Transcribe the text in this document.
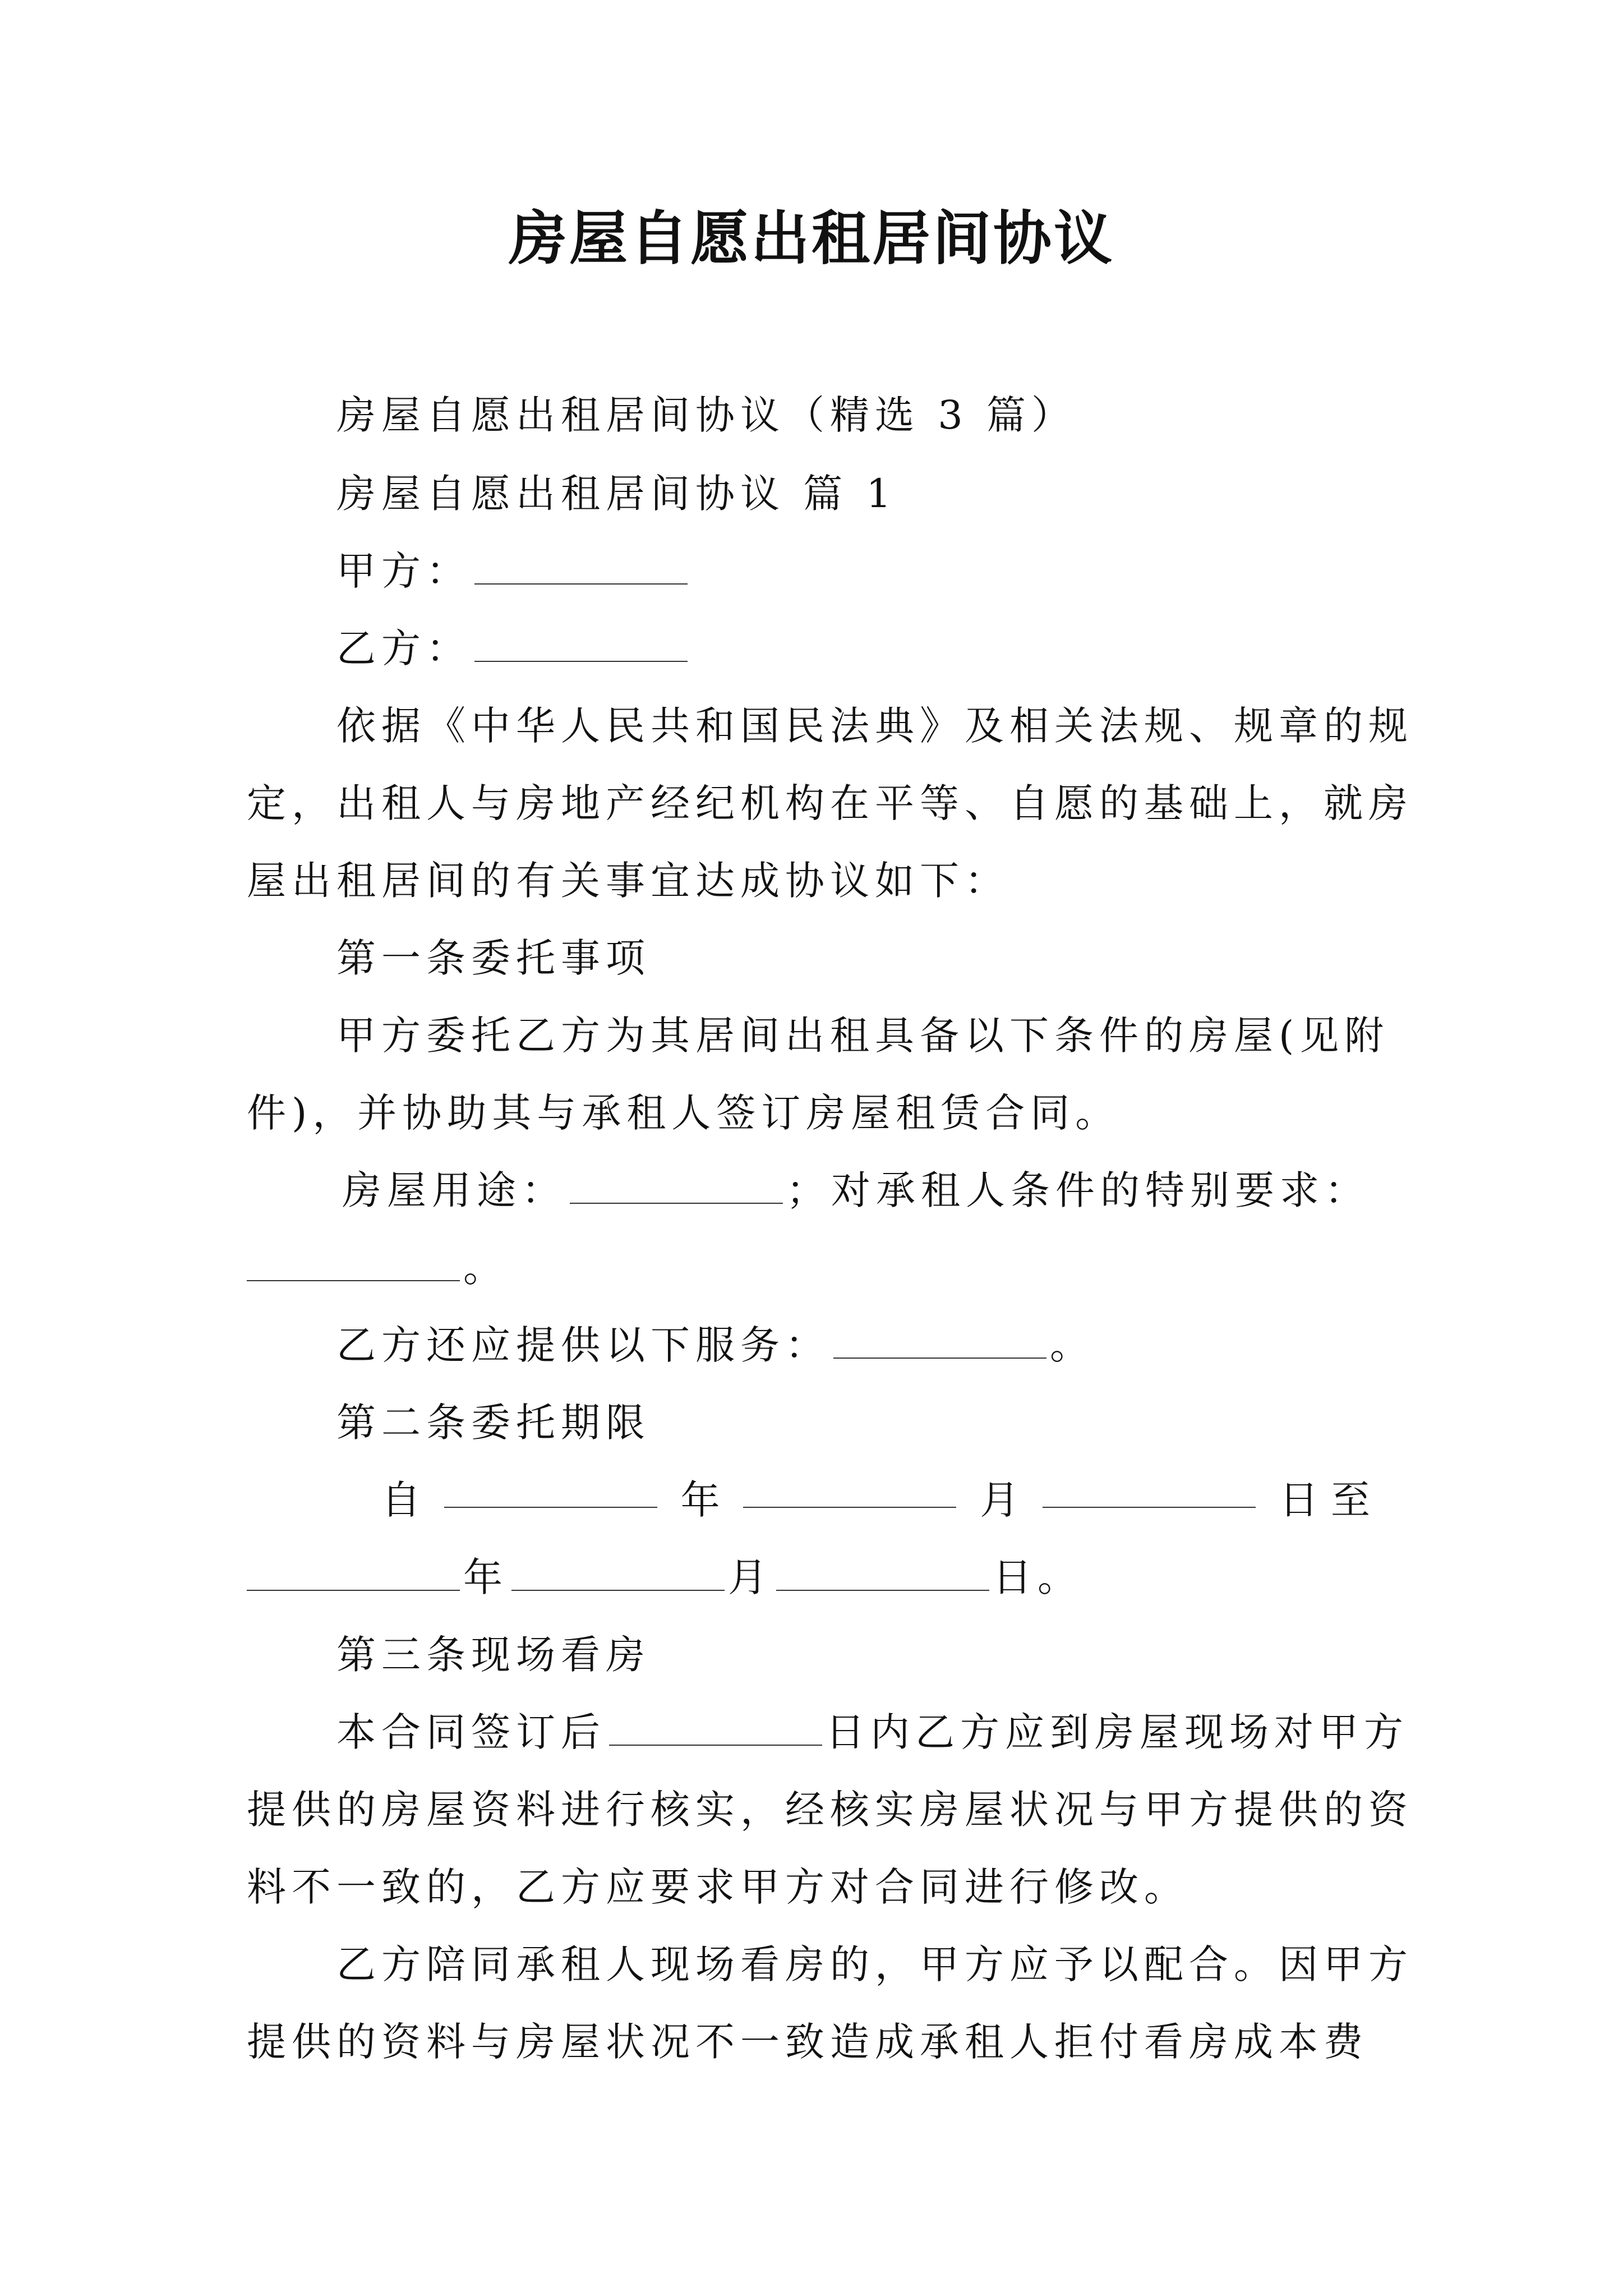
房屋自愿出租居间协议
房屋自愿出租居间协议（精选 3 篇）
房屋自愿出租居间协议 篇 1
甲方：
乙方：
依据《中华人民共和国民法典》及相关法规、规章的规
定，出租人与房地产经纪机构在平等、自愿的基础上，就房
屋出租居间的有关事宜达成协议如下：
第一条委托事项
甲方委托乙方为其居间出租具备以下条件的房屋(见附
件)，并协助其与承租人签订房屋租赁合同。
房屋用途：	；对承租人条件的特别要求：
。
乙方还应提供以下服务：	。
第二条委托期限
自	年	月	日至
年	月	日。
第三条现场看房
本合同签订后	日内乙方应到房屋现场对甲方
提供的房屋资料进行核实，经核实房屋状况与甲方提供的资
料不一致的，乙方应要求甲方对合同进行修改。
乙方陪同承租人现场看房的，甲方应予以配合。因甲方
提供的资料与房屋状况不一致造成承租人拒付看房成本费
